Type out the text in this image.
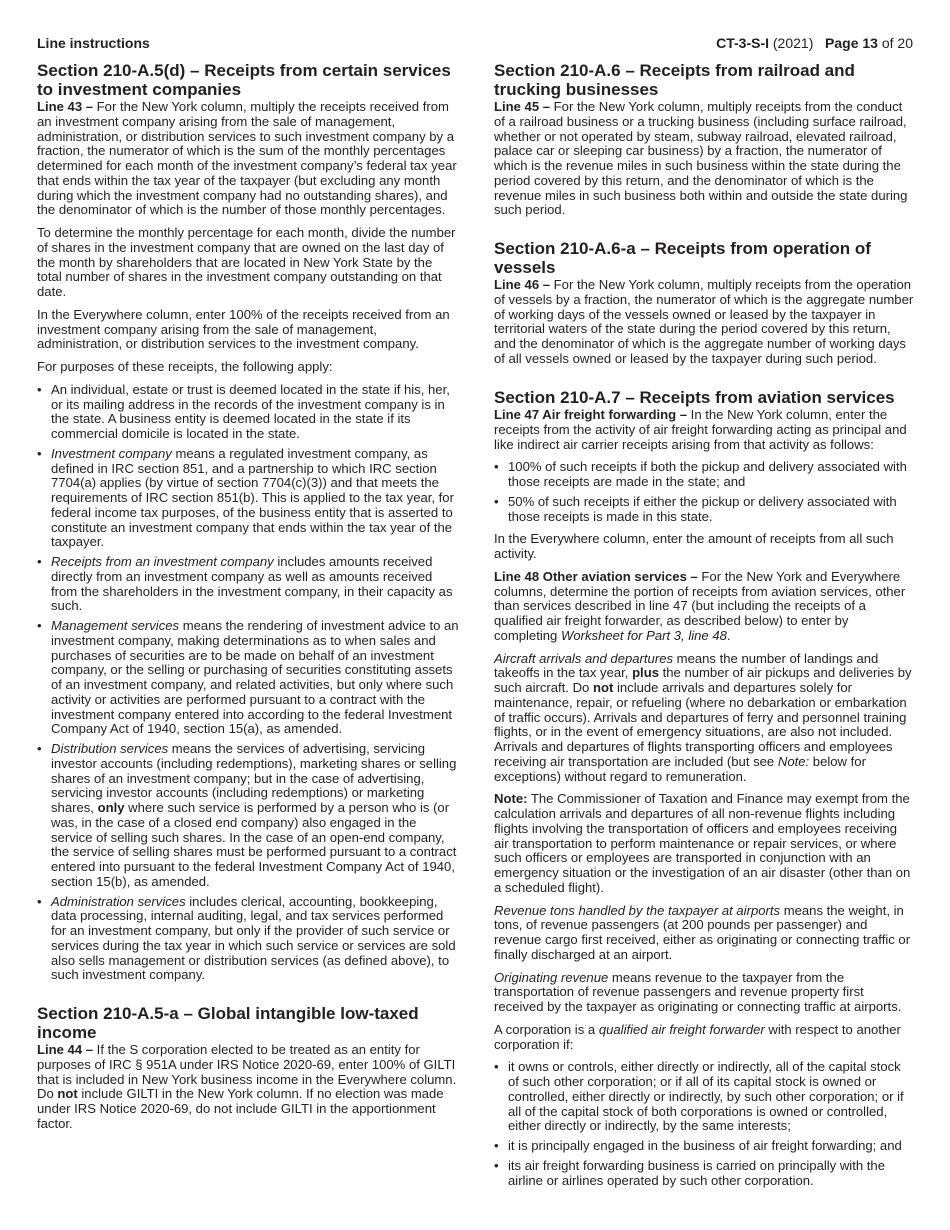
Line instructions	CT-3-S-I (2021) Page 13 of 20
Section 210-A.5(d) – Receipts from certain services to investment companies

Line 43 – For the New York column, multiply the receipts received from an investment company arising from the sale of management, administration, or distribution services to such investment company by a fraction, the numerator of which is the sum of the monthly percentages determined for each month of the investment company’s federal tax year that ends within the tax year of the taxpayer (but excluding any month during which the investment company had no outstanding shares), and the denominator of which is the number of those monthly percentages.

To determine the monthly percentage for each month, divide the number of shares in the investment company that are owned on the last day of the month by shareholders that are located in New York State by the total number of shares in the investment company outstanding on that date.

In the Everywhere column, enter 100% of the receipts received from an investment company arising from the sale of management, administration, or distribution services to the investment company.

For purposes of these receipts, the following apply:

• An individual, estate or trust is deemed located in the state if his, her, or its mailing address in the records of the investment company is in the state. A business entity is deemed located in the state if its commercial domicile is located in the state.
• Investment company means a regulated investment company, as defined in IRC section 851, and a partnership to which IRC section 7704(a) applies (by virtue of section 7704(c)(3)) and that meets the requirements of IRC section 851(b). This is applied to the tax year, for federal income tax purposes, of the business entity that is asserted to constitute an investment company that ends within the tax year of the taxpayer.
• Receipts from an investment company includes amounts received directly from an investment company as well as amounts received from the shareholders in the investment company, in their capacity as such.
• Management services means the rendering of investment advice to an investment company, making determinations as to when sales and purchases of securities are to be made on behalf of an investment company, or the selling or purchasing of securities constituting assets of an investment company, and related activities, but only where such activity or activities are performed pursuant to a contract with the investment company entered into according to the federal Investment Company Act of 1940, section 15(a), as amended.
• Distribution services means the services of advertising, servicing investor accounts (including redemptions), marketing shares or selling shares of an investment company; but in the case of advertising, servicing investor accounts (including redemptions) or marketing shares, only where such service is performed by a person who is (or was, in the case of a closed end company) also engaged in the service of selling such shares. In the case of an open-end company, the service of selling shares must be performed pursuant to a contract entered into pursuant to the federal Investment Company Act of 1940, section 15(b), as amended.
• Administration services includes clerical, accounting, bookkeeping, data processing, internal auditing, legal, and tax services performed for an investment company, but only if the provider of such service or services during the tax year in which such service or services are sold also sells management or distribution services (as defined above), to such investment company.
Section 210-A.5-a – Global intangible low-taxed income

Line 44 – If the S corporation elected to be treated as an entity for purposes of IRC § 951A under IRS Notice 2020-69, enter 100% of GILTI that is included in New York business income in the Everywhere column. Do not include GILTI in the New York column. If no election was made under IRS Notice 2020-69, do not include GILTI in the apportionment factor.

Section 210-A.6 – Receipts from railroad and trucking businesses

Line 45 – For the New York column, multiply receipts from the conduct of a railroad business or a trucking business (including surface railroad, whether or not operated by steam, subway railroad, elevated railroad, palace car or sleeping car business) by a fraction, the numerator of which is the revenue miles in such business within the state during the period covered by this return, and the denominator of which is the revenue miles in such business both within and outside the state during such period.

Section 210-A.6-a – Receipts from operation of vessels

Line 46 – For the New York column, multiply receipts from the operation of vessels by a fraction, the numerator of which is the aggregate number of working days of the vessels owned or leased by the taxpayer in territorial waters of the state during the period covered by this return, and the denominator of which is the aggregate number of working days of all vessels owned or leased by the taxpayer during such period.

Section 210-A.7 – Receipts from aviation services

Line 47 Air freight forwarding – In the New York column, enter the receipts from the activity of air freight forwarding acting as principal and like indirect air carrier receipts arising from that activity as follows:

• 100% of such receipts if both the pickup and delivery associated with those receipts are made in the state; and
• 50% of such receipts if either the pickup or delivery associated with those receipts is made in this state.

In the Everywhere column, enter the amount of receipts from all such activity.

Line 48 Other aviation services – For the New York and Everywhere columns, determine the portion of receipts from aviation services, other than services described in line 47 (but including the receipts of a qualified air freight forwarder, as described below) to enter by completing Worksheet for Part 3, line 48.

Aircraft arrivals and departures means the number of landings and takeoffs in the tax year, plus the number of air pickups and deliveries by such aircraft. Do not include arrivals and departures solely for maintenance, repair, or refueling (where no debarkation or embarkation of traffic occurs). Arrivals and departures of ferry and personnel training flights, or in the event of emergency situations, are also not included. Arrivals and departures of flights transporting officers and employees receiving air transportation are included (but see Note: below for exceptions) without regard to remuneration.

Note: The Commissioner of Taxation and Finance may exempt from the calculation arrivals and departures of all non-revenue flights including flights involving the transportation of officers and employees receiving air transportation to perform maintenance or repair services, or where such officers or employees are transported in conjunction with an emergency situation or the investigation of an air disaster (other than on a scheduled flight).

Revenue tons handled by the taxpayer at airports means the weight, in tons, of revenue passengers (at 200 pounds per passenger) and revenue cargo first received, either as originating or connecting traffic or finally discharged at an airport.

Originating revenue means revenue to the taxpayer from the transportation of revenue passengers and revenue property first received by the taxpayer as originating or connecting traffic at airports.

A corporation is a qualified air freight forwarder with respect to another corporation if:

• it owns or controls, either directly or indirectly, all of the capital stock of such other corporation; or if all of its capital stock is owned or controlled, either directly or indirectly, by such other corporation; or if all of the capital stock of both corporations is owned or controlled, either directly or indirectly, by the same interests;
• it is principally engaged in the business of air freight forwarding; and
• its air freight forwarding business is carried on principally with the airline or airlines operated by such other corporation.
